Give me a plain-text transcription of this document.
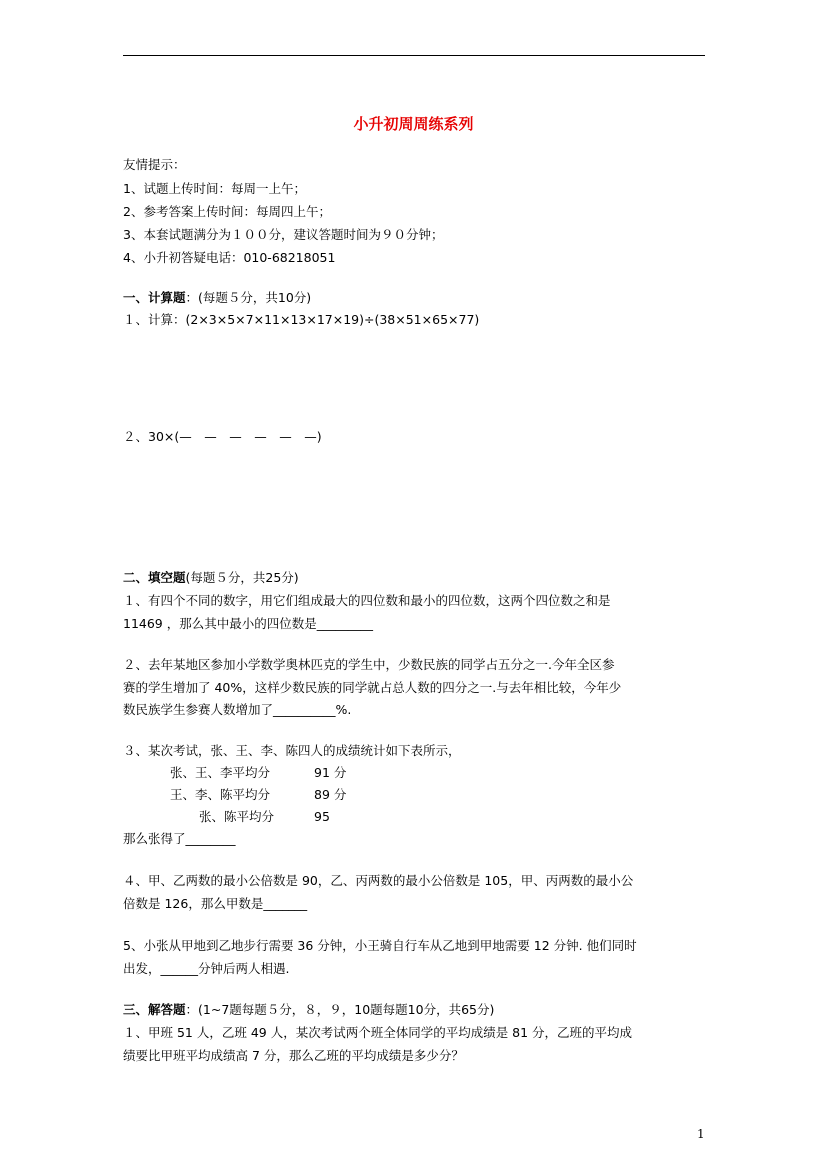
小升初周周练系列
友情提示：
1、试题上传时间：每周一上午；
2、参考答案上传时间：每周四上午；
3、本套试题满分为１００分，建议答题时间为９０分钟；
4、小升初答疑电话：010-68218051
一、计算题：(每题５分，共10分)
１、计算：(2×3×5×7×11×13×17×19)÷(38×51×65×77)
２、30×(—　—　—　—　—　—)
二、填空题(每题５分，共25分)
１、有四个不同的数字，用它们组成最大的四位数和最小的四位数，这两个四位数之和是
11469 ，那么其中最小的四位数是_________
２、去年某地区参加小学数学奥林匹克的学生中，少数民族的同学占五分之一.今年全区参
赛的学生增加了 40%，这样少数民族的同学就占总人数的四分之一.与去年相比较，今年少
数民族学生参赛人数增加了__________%.
３、某次考试，张、王、李、陈四人的成绩统计如下表所示，
张、王、李平均分	91 分
王、李、陈平均分	89 分
张、陈平均分	95
那么张得了________
４、甲、乙两数的最小公倍数是 90，乙、丙两数的最小公倍数是 105，甲、丙两数的最小公
倍数是 126，那么甲数是_______
5、小张从甲地到乙地步行需要 36 分钟，小王骑自行车从乙地到甲地需要 12 分钟. 他们同时
出发，______分钟后两人相遇.
三、解答题：(1~7题每题５分，８，９，10题每题10分，共65分)
１、甲班 51 人，乙班 49 人，某次考试两个班全体同学的平均成绩是 81 分，乙班的平均成
绩要比甲班平均成绩高 7 分，那么乙班的平均成绩是多少分？
1
